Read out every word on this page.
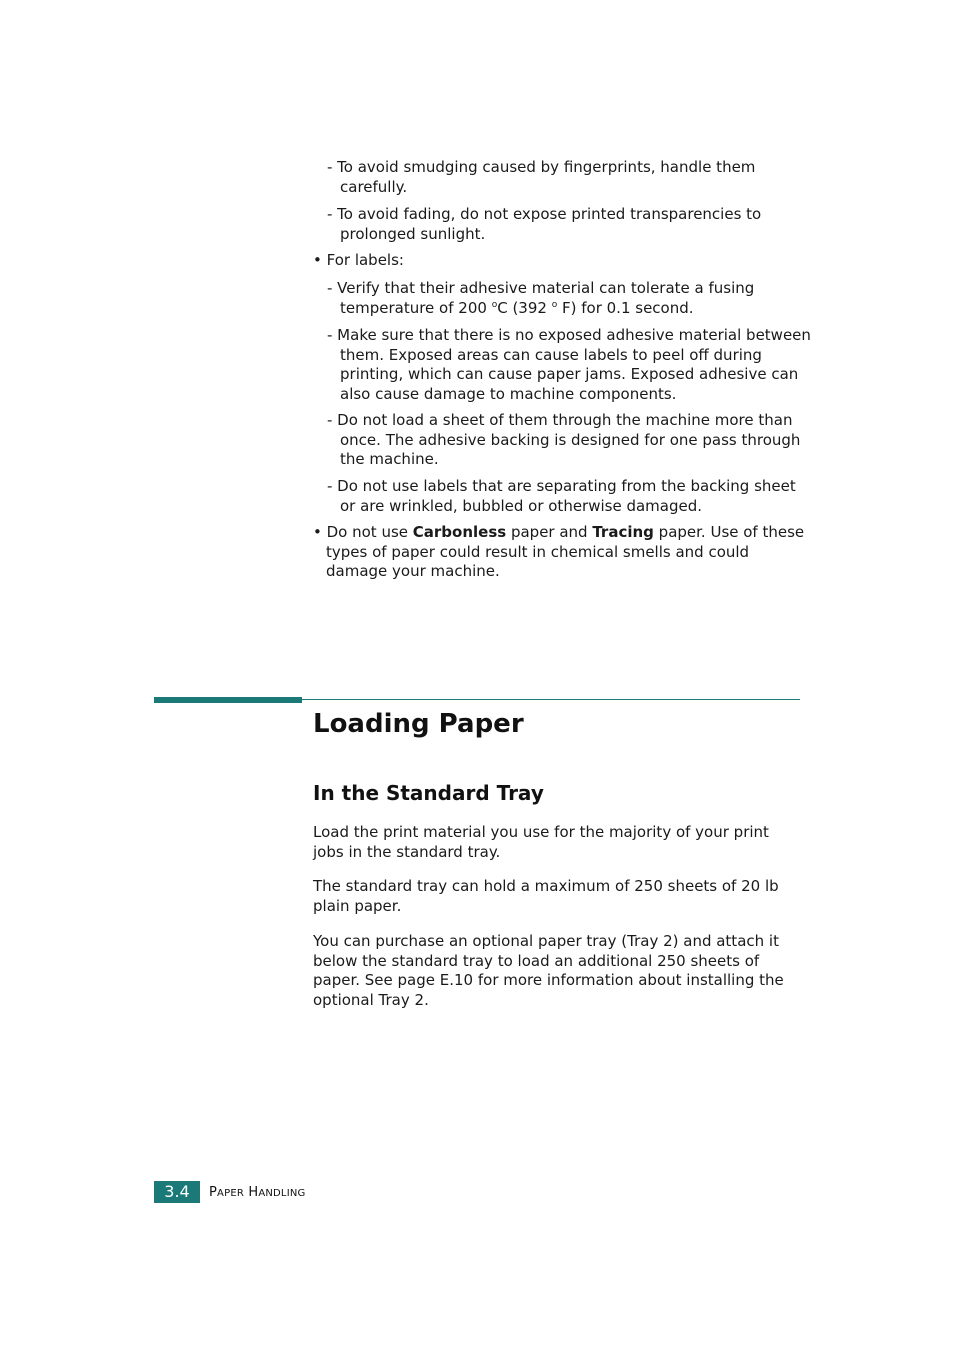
- To avoid smudging caused by fingerprints, handle them carefully.
- To avoid fading, do not expose printed transparencies to prolonged sunlight.
• For labels:
- Verify that their adhesive material can tolerate a fusing temperature of 200 $^o$C (392 $^o$ F) for 0.1 second.
- Make sure that there is no exposed adhesive material between them. Exposed areas can cause labels to peel off during printing, which can cause paper jams. Exposed adhesive can also cause damage to machine components.
- Do not load a sheet of them through the machine more than once. The adhesive backing is designed for one pass through the machine.
- Do not use labels that are separating from the backing sheet or are wrinkled, bubbled or otherwise damaged.
• Do not use Carbonless paper and Tracing paper. Use of these types of paper could result in chemical smells and could damage your machine.
Loading Paper
In the Standard Tray
Load the print material you use for the majority of your print jobs in the standard tray.
The standard tray can hold a maximum of 250 sheets of 20 lb plain paper.
You can purchase an optional paper tray (Tray 2) and attach it below the standard tray to load an additional 250 sheets of paper. See page E.10 for more information about installing the optional Tray 2.
3.4	PAPER HANDLING
